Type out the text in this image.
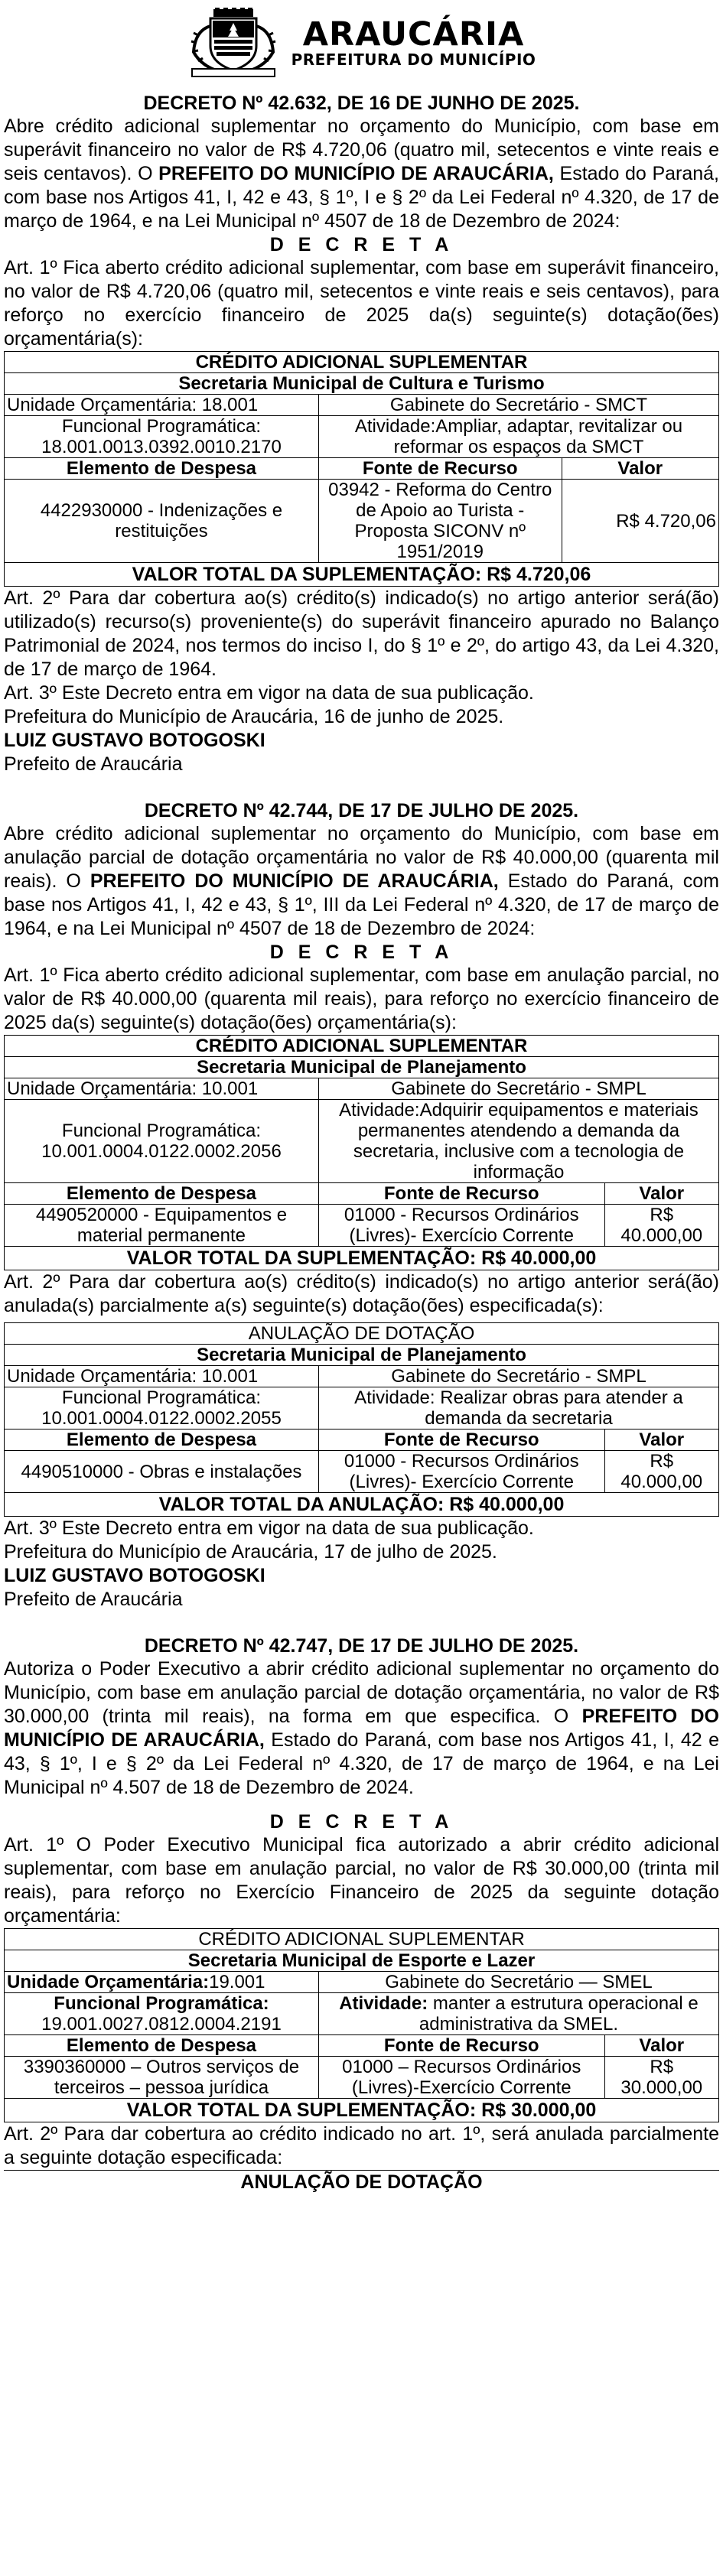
ARAUCÁRIA
PREFEITURA DO MUNICÍPIO
DECRETO Nº 42.632, DE 16 DE JUNHO DE 2025.

Abre crédito adicional suplementar no orçamento do Município, com base em superávit financeiro no valor de R$ 4.720,06 (quatro mil, setecentos e vinte reais e seis centavos). O PREFEITO DO MUNICÍPIO DE ARAUCÁRIA, Estado do Paraná, com base nos Artigos 41, I, 42 e 43, § 1º, I e § 2º da Lei Federal nº 4.320, de 17 de março de 1964, e na Lei Municipal nº 4507 de 18 de Dezembro de 2024:

D E C R E T A

Art. 1º Fica aberto crédito adicional suplementar, com base em superávit financeiro, no valor de R$ 4.720,06 (quatro mil, setecentos e vinte reais e seis centavos), para reforço no exercício financeiro de 2025 da(s) seguinte(s) dotação(ões) orçamentária(s):

CRÉDITO ADICIONAL SUPLEMENTAR		
Secretaria Municipal de Cultura e Turismo		
Unidade Orçamentária: 18.001	Gabinete do Secretário - SMCT	
Funcional Programática: 18.001.0013.0392.0010.2170	Atividade:Ampliar, adaptar, revitalizar ou reformar os espaços da SMCT	
Elemento de Despesa	Fonte de Recurso	Valor
4422930000 - Indenizações e restituições	03942 - Reforma do Centro de Apoio ao Turista - Proposta SICONV nº 1951/2019	R$ 4.720,06
VALOR TOTAL DA SUPLEMENTAÇÃO: R$ 4.720,06		

Art. 2º Para dar cobertura ao(s) crédito(s) indicado(s) no artigo anterior será(ão) utilizado(s) recurso(s) proveniente(s) do superávit financeiro apurado no Balanço Patrimonial de 2024, nos termos do inciso I, do § 1º e 2º, do artigo 43, da Lei 4.320, de 17 de março de 1964.

Art. 3º Este Decreto entra em vigor na data de sua publicação.

Prefeitura do Município de Araucária, 16 de junho de 2025.

LUIZ GUSTAVO BOTOGOSKI

Prefeito de Araucária

DECRETO Nº 42.744, DE 17 DE JULHO DE 2025.

Abre crédito adicional suplementar no orçamento do Município, com base em anulação parcial de dotação orçamentária no valor de R$ 40.000,00 (quarenta mil reais). O PREFEITO DO MUNICÍPIO DE ARAUCÁRIA, Estado do Paraná, com base nos Artigos 41, I, 42 e 43, § 1º, III da Lei Federal nº 4.320, de 17 de março de 1964, e na Lei Municipal nº 4507 de 18 de Dezembro de 2024:

D E C R E T A

Art. 1º Fica aberto crédito adicional suplementar, com base em anulação parcial, no valor de R$ 40.000,00 (quarenta mil reais), para reforço no exercício financeiro de 2025 da(s) seguinte(s) dotação(ões) orçamentária(s):

CRÉDITO ADICIONAL SUPLEMENTAR		
Secretaria Municipal de Planejamento		
Unidade Orçamentária: 10.001	Gabinete do Secretário - SMPL	
Funcional Programática: 10.001.0004.0122.0002.2056	Atividade:Adquirir equipamentos e materiais permanentes atendendo a demanda da secretaria, inclusive com a tecnologia de informação	
Elemento de Despesa	Fonte de Recurso	Valor
4490520000 - Equipamentos e material permanente	01000 - Recursos Ordinários (Livres)- Exercício Corrente	R$ 40.000,00
VALOR TOTAL DA SUPLEMENTAÇÃO: R$ 40.000,00		

Art. 2º Para dar cobertura ao(s) crédito(s) indicado(s) no artigo anterior será(ão) anulada(s) parcialmente a(s) seguinte(s) dotação(ões) especificada(s):

ANULAÇÃO DE DOTAÇÃO		
Secretaria Municipal de Planejamento		
Unidade Orçamentária: 10.001	Gabinete do Secretário - SMPL	
Funcional Programática: 10.001.0004.0122.0002.2055	Atividade: Realizar obras para atender a demanda da secretaria	
Elemento de Despesa	Fonte de Recurso	Valor
4490510000 - Obras e instalações	01000 - Recursos Ordinários (Livres)- Exercício Corrente	R$ 40.000,00
VALOR TOTAL DA ANULAÇÃO: R$ 40.000,00		

Art. 3º Este Decreto entra em vigor na data de sua publicação.

Prefeitura do Município de Araucária, 17 de julho de 2025.

LUIZ GUSTAVO BOTOGOSKI

Prefeito de Araucária

DECRETO Nº 42.747, DE 17 DE JULHO DE 2025.

Autoriza o Poder Executivo a abrir crédito adicional suplementar no orçamento do Município, com base em anulação parcial de dotação orçamentária, no valor de R$ 30.000,00 (trinta mil reais), na forma em que especifica. O PREFEITO DO MUNICÍPIO DE ARAUCÁRIA, Estado do Paraná, com base nos Artigos 41, I, 42 e 43, § 1º, I e § 2º da Lei Federal nº 4.320, de 17 de março de 1964, e na Lei Municipal nº 4.507 de 18 de Dezembro de 2024.

D E C R E T A

Art. 1º O Poder Executivo Municipal fica autorizado a abrir crédito adicional suplementar, com base em anulação parcial, no valor de R$ 30.000,00 (trinta mil reais), para reforço no Exercício Financeiro de 2025 da seguinte dotação orçamentária:

CRÉDITO ADICIONAL SUPLEMENTAR		
Secretaria Municipal de Esporte e Lazer		
Unidade Orçamentária:19.001	Gabinete do Secretário — SMEL	
Funcional Programática:
19.001.0027.0812.0004.2191	Atividade: manter a estrutura operacional e administrativa da SMEL.	
Elemento de Despesa	Fonte de Recurso	Valor
3390360000 – Outros serviços de terceiros – pessoa jurídica	01000 – Recursos Ordinários (Livres)-Exercício Corrente	R$ 30.000,00
VALOR TOTAL DA SUPLEMENTAÇÃO: R$ 30.000,00		

Art. 2º Para dar cobertura ao crédito indicado no art. 1º, será anulada parcialmente a seguinte dotação especificada:

ANULAÇÃO DE DOTAÇÃO
